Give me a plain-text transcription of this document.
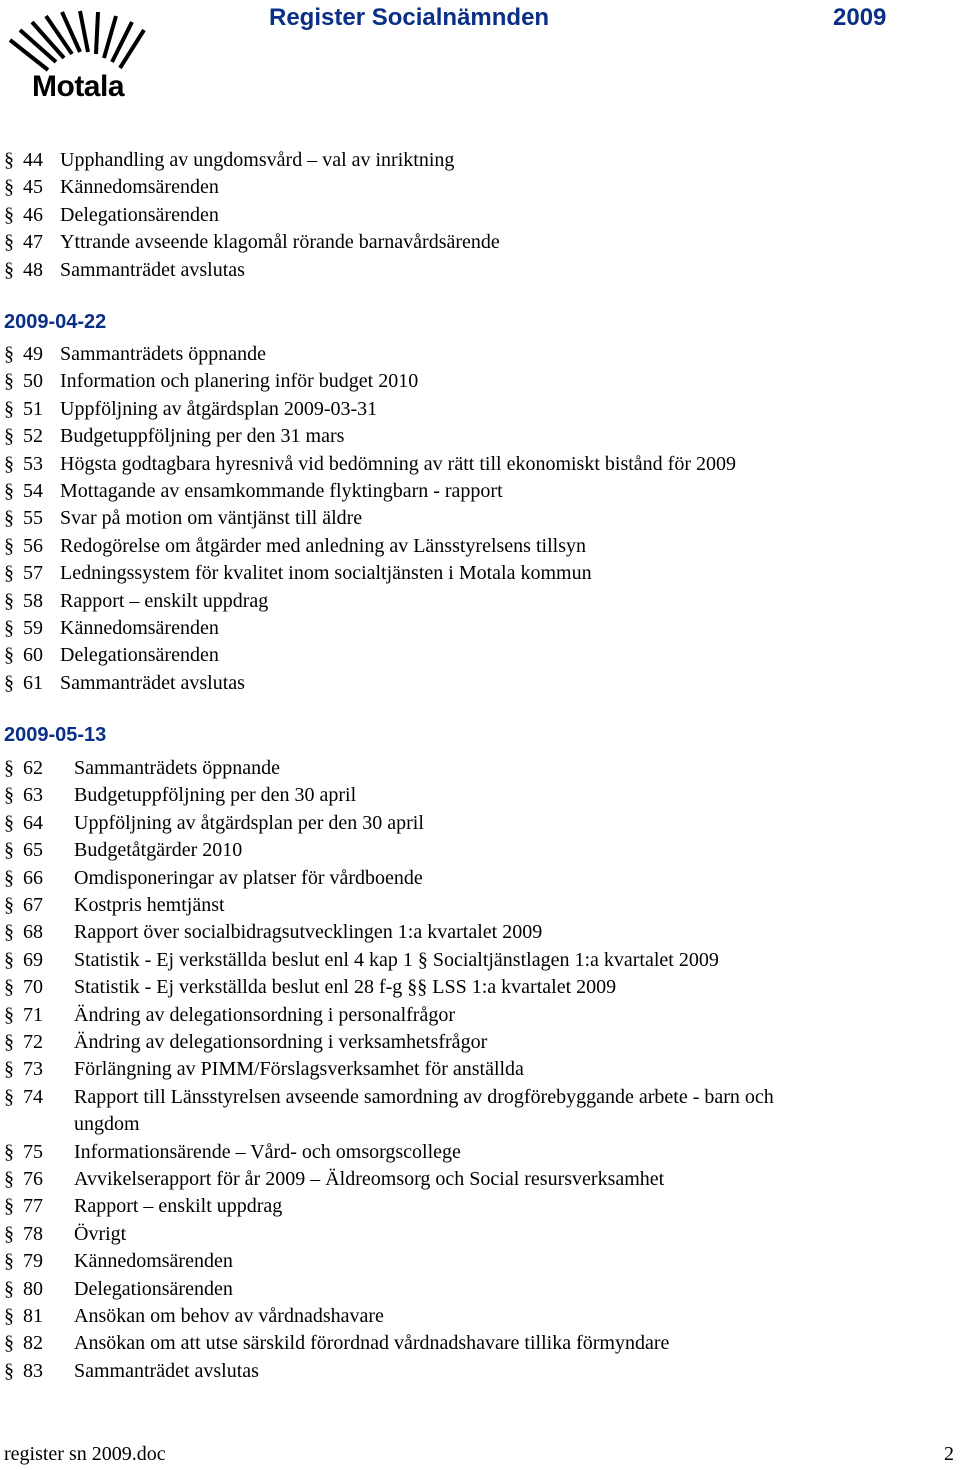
Motala
Register Socialnämnden	2009
§ 44 Upphandling av ungdomsvård – val av inriktning
§ 45 Kännedomsärenden
§ 46 Delegationsärenden
§ 47 Yttrande avseende klagomål rörande barnavårdsärende
§ 48 Sammanträdet avslutas
2009-04-22
§ 49 Sammanträdets öppnande
§ 50 Information och planering inför budget 2010
§ 51 Uppföljning av åtgärdsplan 2009-03-31
§ 52 Budgetuppföljning per den 31 mars
§ 53 Högsta godtagbara hyresnivå vid bedömning av rätt till ekonomiskt bistånd för 2009
§ 54 Mottagande av ensamkommande flyktingbarn - rapport
§ 55 Svar på motion om väntjänst till äldre
§ 56 Redogörelse om åtgärder med anledning av Länsstyrelsens tillsyn
§ 57 Ledningssystem för kvalitet inom socialtjänsten i Motala kommun
§ 58 Rapport – enskilt uppdrag
§ 59 Kännedomsärenden
§ 60 Delegationsärenden
§ 61 Sammanträdet avslutas
2009-05-13
§ 62 Sammanträdets öppnande
§ 63 Budgetuppföljning per den 30 april
§ 64 Uppföljning av åtgärdsplan per den 30 april
§ 65 Budgetåtgärder 2010
§ 66 Omdisponeringar av platser för vårdboende
§ 67 Kostpris hemtjänst
§ 68 Rapport över socialbidragsutvecklingen 1:a kvartalet 2009
§ 69 Statistik - Ej verkställda beslut enl 4 kap 1 § Socialtjänstlagen 1:a kvartalet 2009
§ 70 Statistik - Ej verkställda beslut enl 28 f-g §§ LSS 1:a kvartalet 2009
§ 71 Ändring av delegationsordning i personalfrågor
§ 72 Ändring av delegationsordning i verksamhetsfrågor
§ 73 Förlängning av PIMM/Förslagsverksamhet för anställda
§ 74 Rapport till Länsstyrelsen avseende samordning av drogförebyggande arbete - barn och
ungdom
§ 75 Informationsärende – Vård- och omsorgscollege
§ 76 Avvikelserapport för år 2009 – Äldreomsorg och Social resursverksamhet
§ 77 Rapport – enskilt uppdrag
§ 78 Övrigt
§ 79 Kännedomsärenden
§ 80 Delegationsärenden
§ 81 Ansökan om behov av vårdnadshavare
§ 82 Ansökan om att utse särskild förordnad vårdnadshavare tillika förmyndare
§ 83 Sammanträdet avslutas
register sn 2009.doc	2
